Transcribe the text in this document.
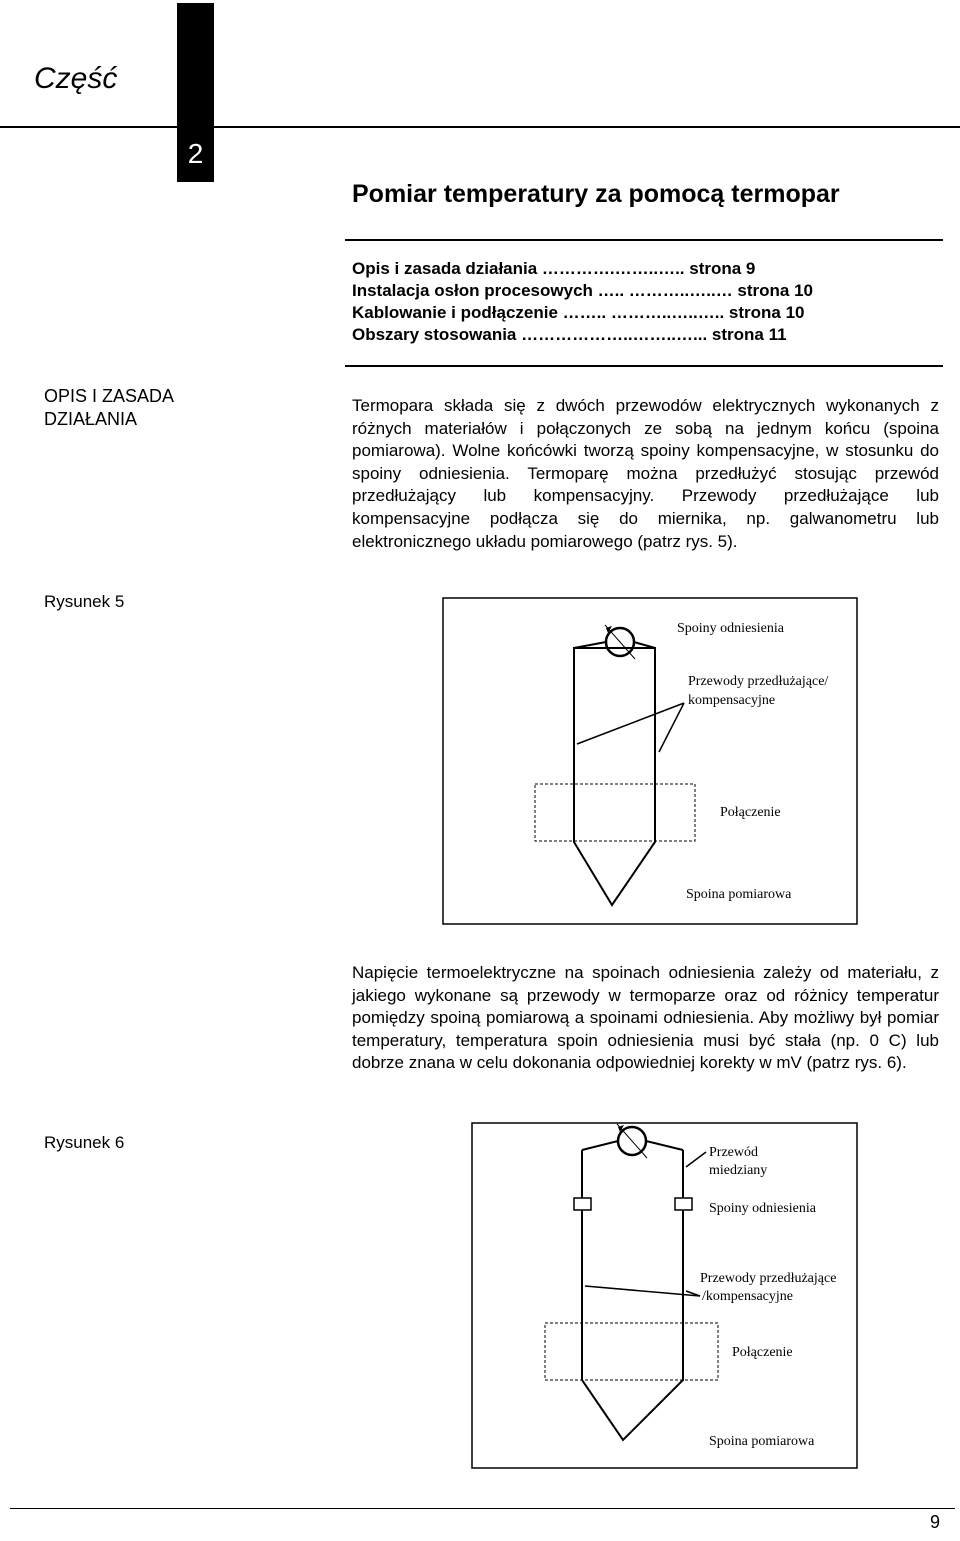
Część
2
Pomiar temperatury za pomocą termopar
Opis i zasada działania ………….……..….. strona 9
Instalacja osłon procesowych ….. ………..…..… strona 10
Kablowanie i podłączenie …….. ………..…..….. strona 10
Obszary stosowania ………………..……..…... strona 11
OPIS I ZASADA
DZIAŁANIA
Termopara składa się z dwóch przewodów elektrycznych wykonanych z różnych materiałów i połączonych ze sobą na jednym końcu (spoina pomiarowa). Wolne końcówki tworzą spoiny kompensacyjne, w stosunku do spoiny odniesienia. Termoparę można przedłużyć stosując przewód przedłużający lub kompensacyjny. Przewody przedłużające lub kompensacyjne podłącza się do miernika, np. galwanometru lub elektronicznego układu pomiarowego (patrz rys. 5).
Rysunek 5
Spoiny odniesienia
Przewody przedłużające/
kompensacyjne
Połączenie
Spoina pomiarowa
Przewód
miedziany
Spoiny odniesienia
Przewody przedłużające
/kompensacyjne
Połączenie
Spoina pomiarowa
Napięcie termoelektryczne na spoinach odniesienia zależy od materiału, z jakiego wykonane są przewody w termoparze oraz od różnicy temperatur pomiędzy spoiną pomiarową a spoinami odniesienia. Aby możliwy był pomiar temperatury, temperatura spoin odniesienia musi być stała (np. 0 C) lub dobrze znana w celu dokonania odpowiedniej korekty w mV (patrz rys. 6).
Rysunek 6
9
